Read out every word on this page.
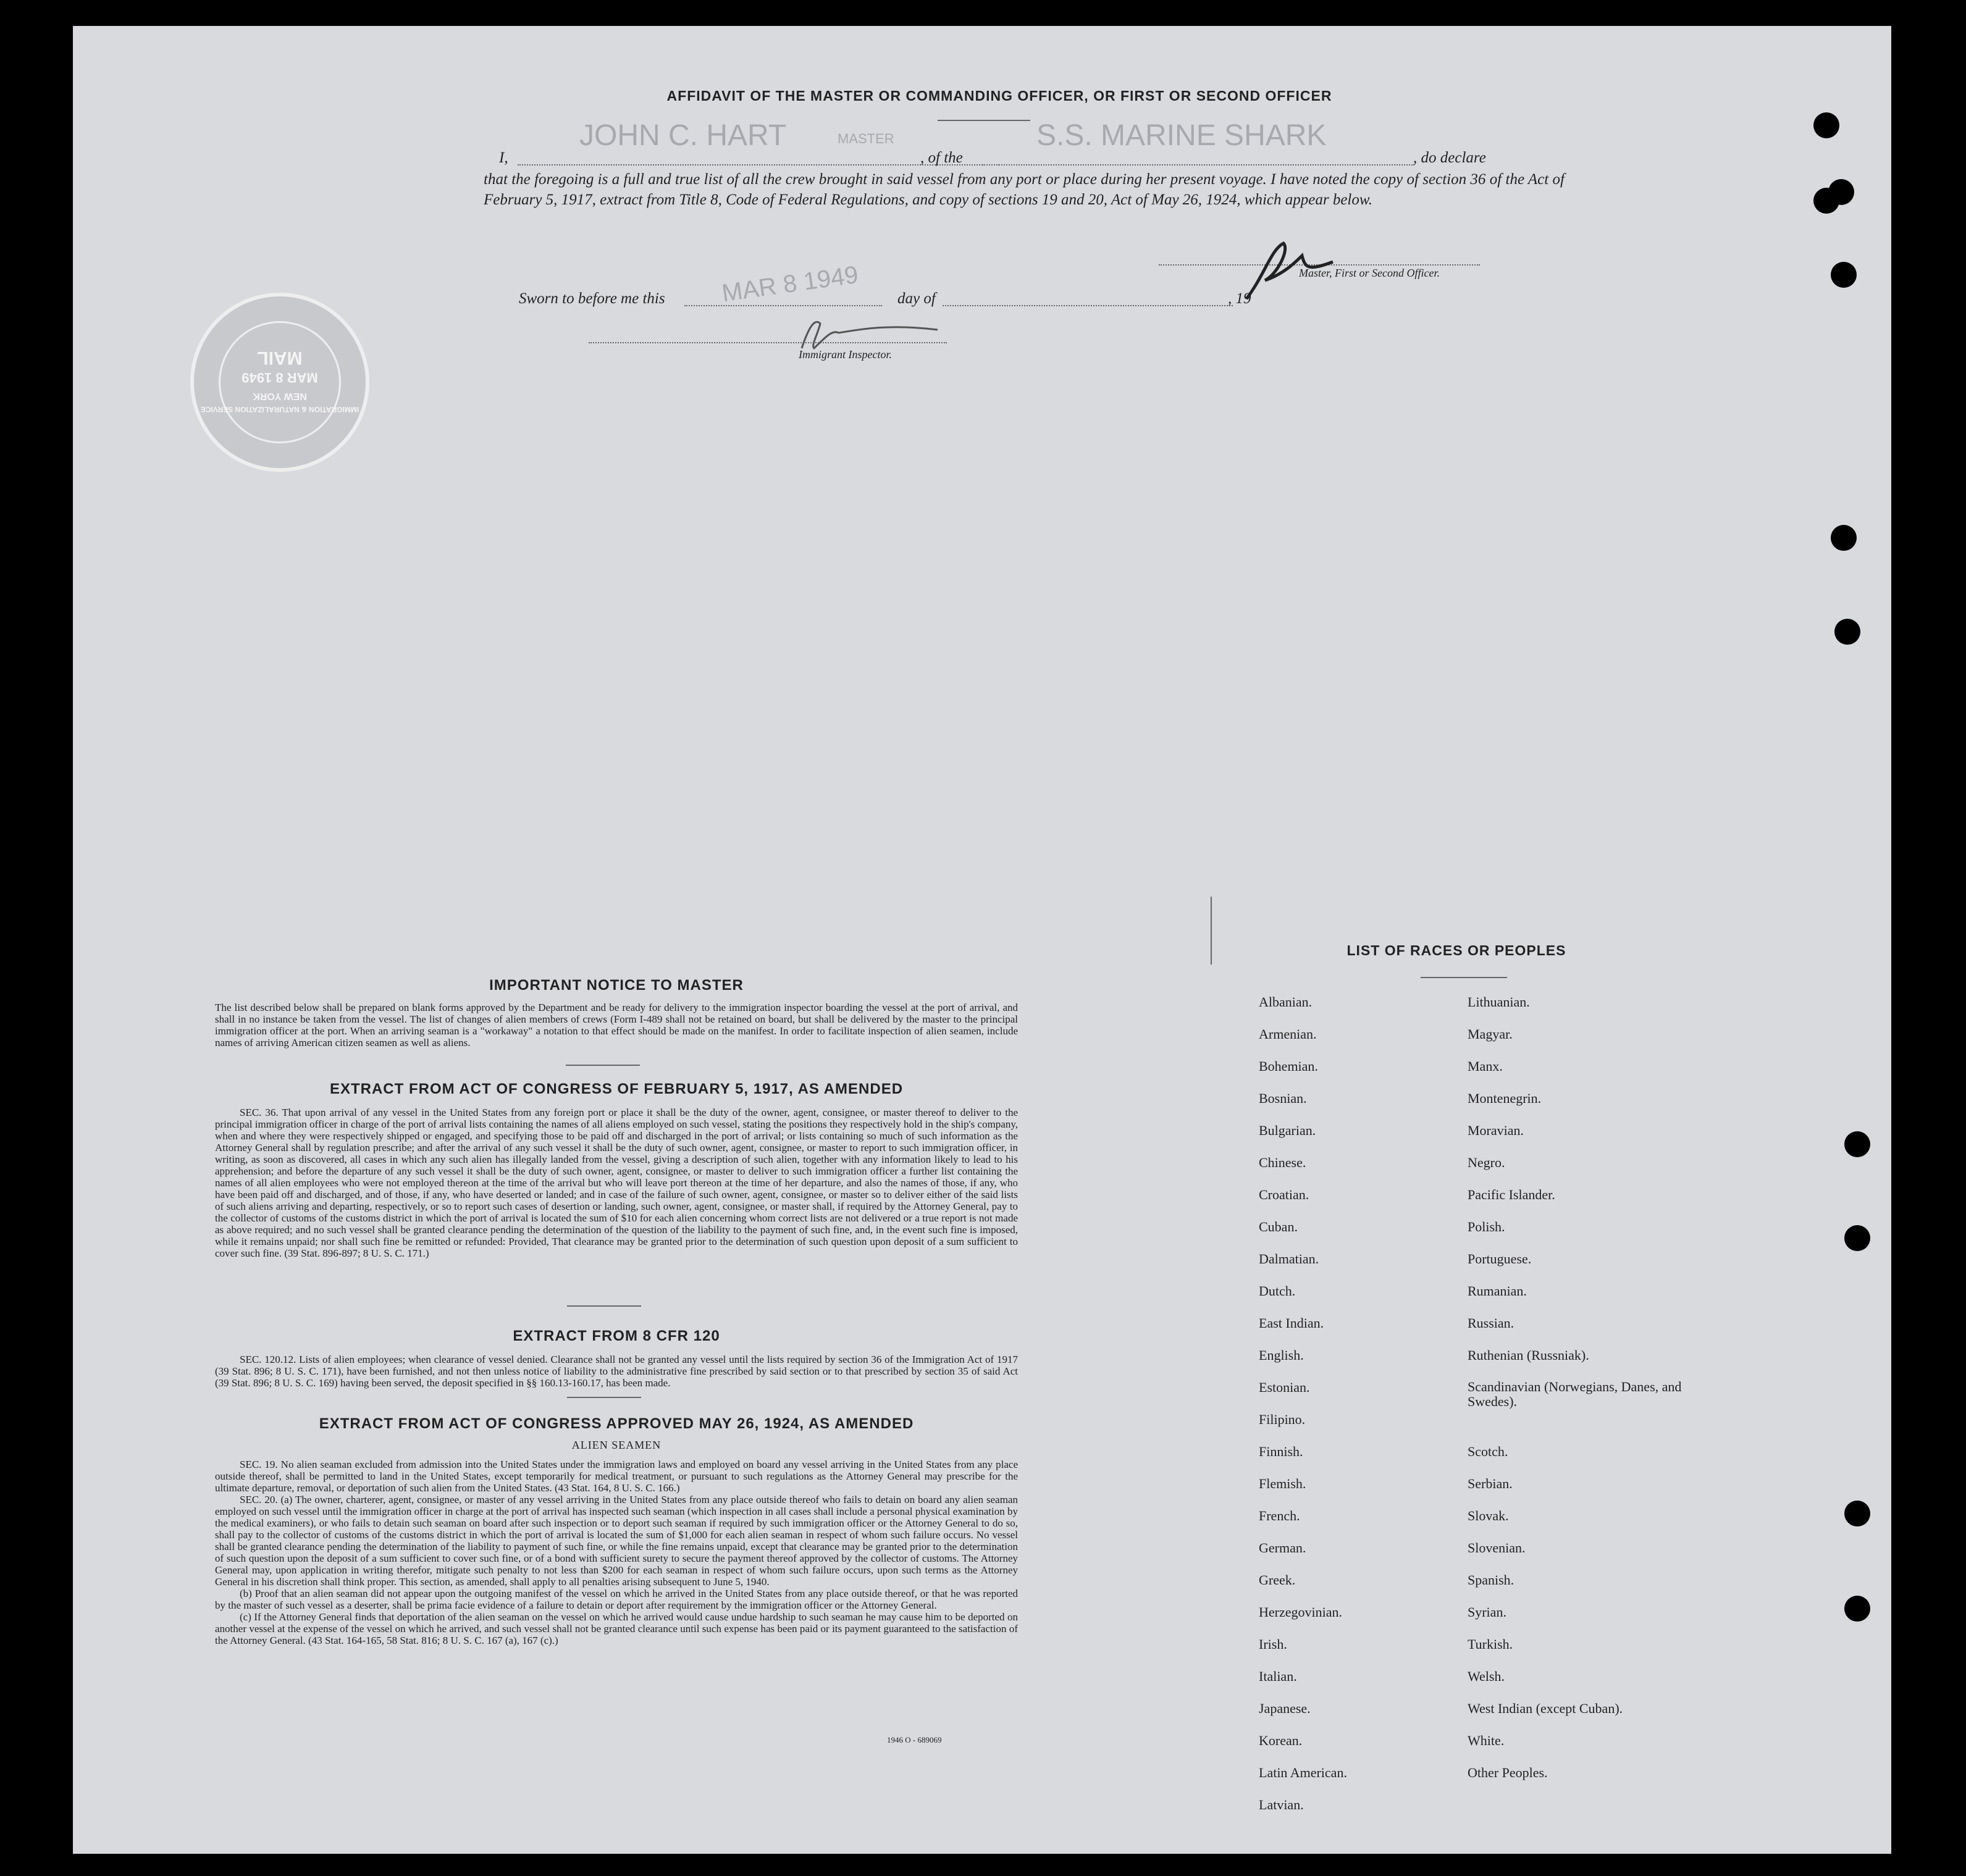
AFFIDAVIT OF THE MASTER OR COMMANDING OFFICER, OR FIRST OR SECOND OFFICER
JOHN C. HART	MASTER	S.S. MARINE SHARK
I,	, of the	, do declare
that the foregoing is a full and true list of all the crew brought in said vessel from any port or place during her present voyage. I have noted the copy of section 36 of the Act of February 5, 1917, extract from Title 8, Code of Federal Regulations, and copy of sections 19 and 20, Act of May 26, 1924, which appear below.
Master, First or Second Officer.
Sworn to before me this MAR 8 1949 day of	, 19
Immigrant Inspector.
IMMIGRATION & NATURALIZATION SERVICE
NEW YORK
MAR 8 1949
MAIL
IMPORTANT NOTICE TO MASTER
The list described below shall be prepared on blank forms approved by the Department and be ready for delivery to the immigration inspector boarding the vessel at the port of arrival, and shall in no instance be taken from the vessel. The list of changes of alien members of crews (Form I-489 shall not be retained on board, but shall be delivered by the master to the principal immigration officer at the port. When an arriving seaman is a "workaway" a notation to that effect should be made on the manifest. In order to facilitate inspection of alien seamen, include names of arriving American citizen seamen as well as aliens.
EXTRACT FROM ACT OF CONGRESS OF FEBRUARY 5, 1917, AS AMENDED
SEC. 36. That upon arrival of any vessel in the United States from any foreign port or place it shall be the duty of the owner, agent, consignee, or master thereof to deliver to the principal immigration officer in charge of the port of arrival lists containing the names of all aliens employed on such vessel, stating the positions they respectively hold in the ship's company, when and where they were respectively shipped or engaged, and specifying those to be paid off and discharged in the port of arrival; or lists containing so much of such information as the Attorney General shall by regulation prescribe; and after the arrival of any such vessel it shall be the duty of such owner, agent, consignee, or master to report to such immigration officer, in writing, as soon as discovered, all cases in which any such alien has illegally landed from the vessel, giving a description of such alien, together with any information likely to lead to his apprehension; and before the departure of any such vessel it shall be the duty of such owner, agent, consignee, or master to deliver to such immigration officer a further list containing the names of all alien employees who were not employed thereon at the time of the arrival but who will leave port thereon at the time of her departure, and also the names of those, if any, who have been paid off and discharged, and of those, if any, who have deserted or landed; and in case of the failure of such owner, agent, consignee, or master so to deliver either of the said lists of such aliens arriving and departing, respectively, or so to report such cases of desertion or landing, such owner, agent, consignee, or master shall, if required by the Attorney General, pay to the collector of customs of the customs district in which the port of arrival is located the sum of $10 for each alien concerning whom correct lists are not delivered or a true report is not made as above required; and no such vessel shall be granted clearance pending the determination of the question of the liability to the payment of such fine, and, in the event such fine is imposed, while it remains unpaid; nor shall such fine be remitted or refunded: Provided, That clearance may be granted prior to the determination of such question upon deposit of a sum sufficient to cover such fine. (39 Stat. 896-897; 8 U. S. C. 171.)
EXTRACT FROM 8 CFR 120
SEC. 120.12. Lists of alien employees; when clearance of vessel denied. Clearance shall not be granted any vessel until the lists required by section 36 of the Immigration Act of 1917 (39 Stat. 896; 8 U. S. C. 171), have been furnished, and not then unless notice of liability to the administrative fine prescribed by said section or to that prescribed by section 35 of said Act (39 Stat. 896; 8 U. S. C. 169) having been served, the deposit specified in §§ 160.13-160.17, has been made.
EXTRACT FROM ACT OF CONGRESS APPROVED MAY 26, 1924, AS AMENDED
ALIEN SEAMEN
SEC. 19. No alien seaman excluded from admission into the United States under the immigration laws and employed on board any vessel arriving in the United States from any place outside thereof, shall be permitted to land in the United States, except temporarily for medical treatment, or pursuant to such regulations as the Attorney General may prescribe for the ultimate departure, removal, or deportation of such alien from the United States. (43 Stat. 164, 8 U. S. C. 166.)
SEC. 20. (a) The owner, charterer, agent, consignee, or master of any vessel arriving in the United States from any place outside thereof who fails to detain on board any alien seaman employed on such vessel until the immigration officer in charge at the port of arrival has inspected such seaman (which inspection in all cases shall include a personal physical examination by the medical examiners), or who fails to detain such seaman on board after such inspection or to deport such seaman if required by such immigration officer or the Attorney General to do so, shall pay to the collector of customs of the customs district in which the port of arrival is located the sum of $1,000 for each alien seaman in respect of whom such failure occurs. No vessel shall be granted clearance pending the determination of the liability to payment of such fine, or while the fine remains unpaid, except that clearance may be granted prior to the determination of such question upon the deposit of a sum sufficient to cover such fine, or of a bond with sufficient surety to secure the payment thereof approved by the collector of customs. The Attorney General may, upon application in writing therefor, mitigate such penalty to not less than $200 for each seaman in respect of whom such failure occurs, upon such terms as the Attorney General in his discretion shall think proper. This section, as amended, shall apply to all penalties arising subsequent to June 5, 1940.
(b) Proof that an alien seaman did not appear upon the outgoing manifest of the vessel on which he arrived in the United States from any place outside thereof, or that he was reported by the master of such vessel as a deserter, shall be prima facie evidence of a failure to detain or deport after requirement by the immigration officer or the Attorney General.
(c) If the Attorney General finds that deportation of the alien seaman on the vessel on which he arrived would cause undue hardship to such seaman he may cause him to be deported on another vessel at the expense of the vessel on which he arrived, and such vessel shall not be granted clearance until such expense has been paid or its payment guaranteed to the satisfaction of the Attorney General. (43 Stat. 164-165, 58 Stat. 816; 8 U. S. C. 167 (a), 167 (c).)
1946 O - 689069
LIST OF RACES OR PEOPLES
Albanian.
Armenian.
Bohemian.
Bosnian.
Bulgarian.
Chinese.
Croatian.
Cuban.
Dalmatian.
Dutch.
East Indian.
English.
Estonian.
Filipino.
Finnish.
Flemish.
French.
German.
Greek.
Herzegovinian.
Irish.
Italian.
Japanese.
Korean.
Latin American.
Latvian.
Lithuanian.
Magyar.
Manx.
Montenegrin.
Moravian.
Negro.
Pacific Islander.
Polish.
Portuguese.
Rumanian.
Russian.
Ruthenian (Russniak).
Scandinavian (Norwegians, Danes, and Swedes).
Scotch.
Serbian.
Slovak.
Slovenian.
Spanish.
Syrian.
Turkish.
Welsh.
West Indian (except Cuban).
White.
Other Peoples.
